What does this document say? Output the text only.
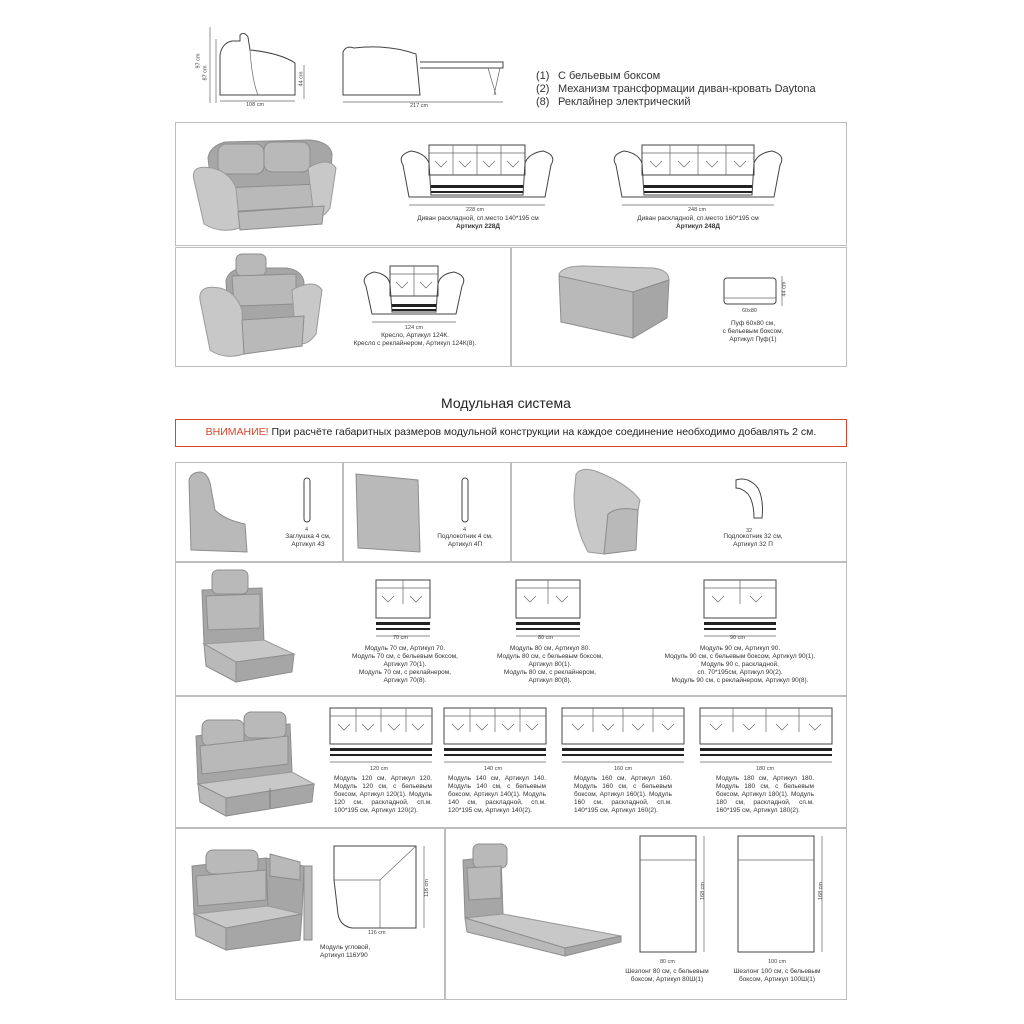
97 cm
87 cm	44 cm
108 cm	217 cm
(1) С бельевым боксом
(2) Механизм трансформации диван-кровать Daytona
(8) Реклайнер электрический
228 cm
Диван раскладной, сп.место 140*195 см
Артикул 228Д
248 cm
Диван раскладной, сп.место 160*195 см
Артикул 248Д
124 cm
Кресло, Артикул 124К.
Кресло с реклайнером, Артикул 124К(8).
44 cm
60x80
Пуф 60x80 см,
с бельевым боксом,
Артикул Пуф(1)
Модульная система
ВНИМАНИЕ! При расчёте габаритных размеров модульной конструкции на каждое соединение необходимо добавлять 2 см.
4
Заглушка 4 см,
Артикул 43
4
Подлокотник 4 см,
Артикул 4П
32
Подлокотник 32 см,
Артикул 32 П
70 cm
Модуль 70 см, Артикул 70.
Модуль 70 см, с бельевым боксом,
Артикул 70(1).
Модуль 70 см, с реклайнером,
Артикул 70(8).
80 cm
Модуль 80 см, Артикул 80.
Модуль 80 см, с бельевым боксом,
Артикул 80(1).
Модуль 80 см, с реклайнером,
Артикул 80(8).
90 cm
Модуль 90 см, Артикул 90.
Модуль 90 см, с бельевым боксом, Артикул 90(1).
Модуль 90 с, раскладной,
сп. 70*195см, Артикул 90(2).
Модуль 90 см, с реклайнером, Артикул 90(8).
120 cm
Модуль 120 см, Артикул 120. Модуль 120 см, с бельевым боксом, Артикул 120(1). Модуль 120 см, раскладной, сп.м. 100*195 см, Артикул 120(2).
140 cm
Модуль 140 см, Артикул 140. Модуль 140 см, с бельевым боксом, Артикул 140(1). Модуль 140 см, раскладной, сп.м. 120*195 см, Артикул 140(2).
160 cm
Модуль 160 см, Артикул 160. Модуль 160 см, с бельевым боксом, Артикул 160(1). Модуль 160 см, раскладной, сп.м. 140*195 см, Артикул 160(2).
180 cm
Модуль 180 см, Артикул 180. Модуль 180 см, с бельевым боксом, Артикул 180(1). Модуль 180 см, раскладной, сп.м. 160*195 см, Артикул 180(2).
116 cm
116 cm
Модуль угловой,
Артикул 116У90
168 cm
80 cm
Шезлонг 80 см, с бельевым
боксом, Артикул 80Ш(1)
168 cm
100 cm
Шезлонг 100 см, с бельевым
боксом, Артикул 100Ш(1)
